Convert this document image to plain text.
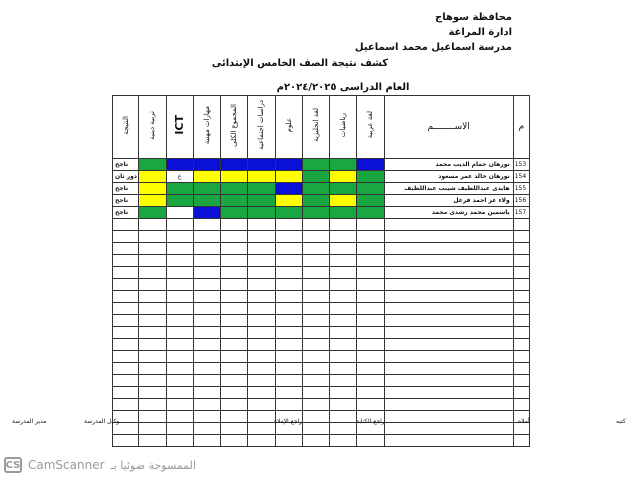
محافظة سوهاج
ادارة المراغة
مدرسة اسماعيل محمد اسماعيل
كشف نتيجة الصف الخامس الإبتدائى
العام الدراسى ٢٠٢٤/٢٠٢٥م
النتيجة	تربية دينية	ICT	مهارات مهنية	المجموع الكلى	دراسات اجتماعية	علوم	لغة انجليزية	رياضيات	لغة عربية	الاســــــــم	م
ناجح										نورهان حمام الديب محمد	153
دور ثان		غ								نورهان خالد عمر مسعود	154
ناجح										هايدى عبداللطيف شيبب عبداللطيف	155
ناجح										ولاء عز احمد فرغل	156
ناجح										ياسمين محمد رشدى محمد	157

كتبه
أملاه
راجع الكتابة
راجع الإملاء
وكيل المدرسة
مدير المدرسة
CS CamScanner الممسوحة ضوئيا بـ
